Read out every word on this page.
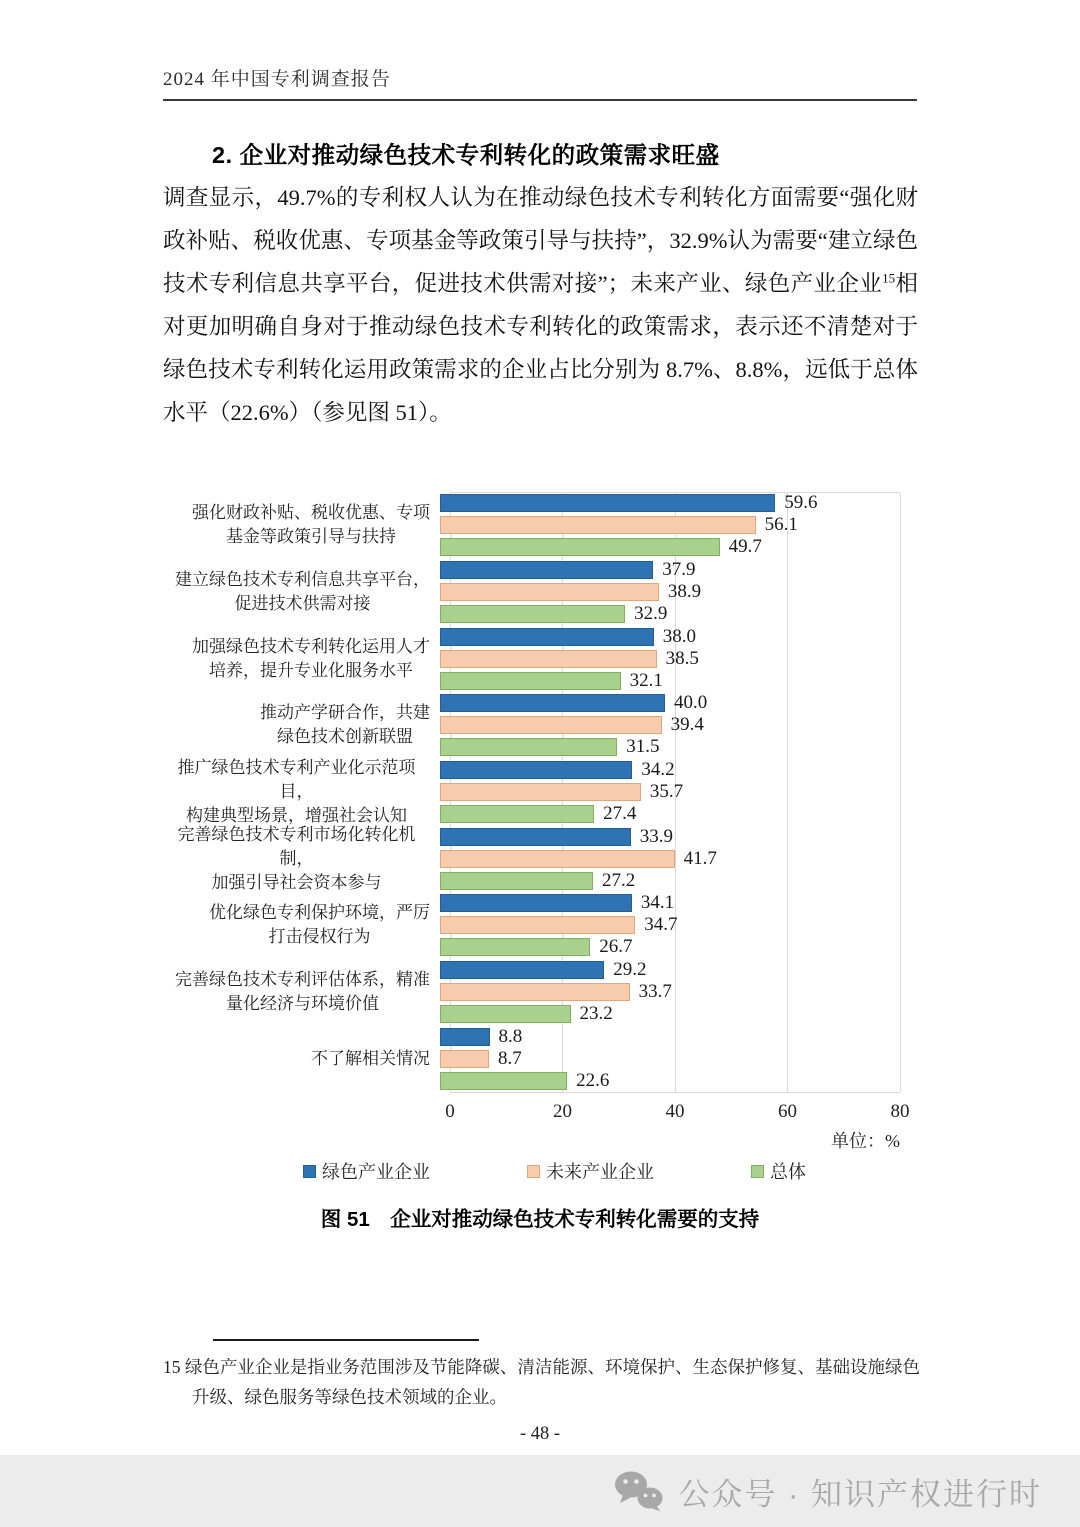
2024 年中国专利调查报告
2. 企业对推动绿色技术专利转化的政策需求旺盛
调查显示，49.7%的专利权人认为在推动绿色技术专利转化方面需要“强化财政补贴、税收优惠、专项基金等政策引导与扶持”，32.9%认为需要“建立绿色技术专利信息共享平台，促进技术供需对接”；未来产业、绿色产业企业$^{15}$相对更加明确自身对于推动绿色技术专利转化的政策需求，表示还不清楚对于绿色技术专利转化运用政策需求的企业占比分别为 8.7%、8.8%，远低于总体水平（22.6%）（参见图 51）。
强化财政补贴、税收优惠、专项
基金等政策引导与扶持
59.6
56.1
49.7
建立绿色技术专利信息共享平台，
促进技术供需对接
37.9
38.9
32.9
加强绿色技术专利转化运用人才
培养，提升专业化服务水平
38.0
38.5
32.1
推动产学研合作，共建
绿色技术创新联盟
40.0
39.4
31.5
推广绿色技术专利产业化示范项目，
构建典型场景，增强社会认知
34.2
35.7
27.4
完善绿色技术专利市场化转化机制，
加强引导社会资本参与
33.9
41.7
27.2
优化绿色专利保护环境，严厉
打击侵权行为
34.1
34.7
26.7
完善绿色技术专利评估体系，精准
量化经济与环境价值
29.2
33.7
23.2
不了解相关情况
8.8
8.7
22.6
0	20	40	60	80
单位：%
绿色产业企业	未来产业企业	总体
图 51　企业对推动绿色技术专利转化需要的支持
15 绿色产业企业是指业务范围涉及节能降碳、清洁能源、环境保护、生态保护修复、基础设施绿色升级、绿色服务等绿色技术领域的企业。
- 48 -
公众号 · 知识产权进行时
